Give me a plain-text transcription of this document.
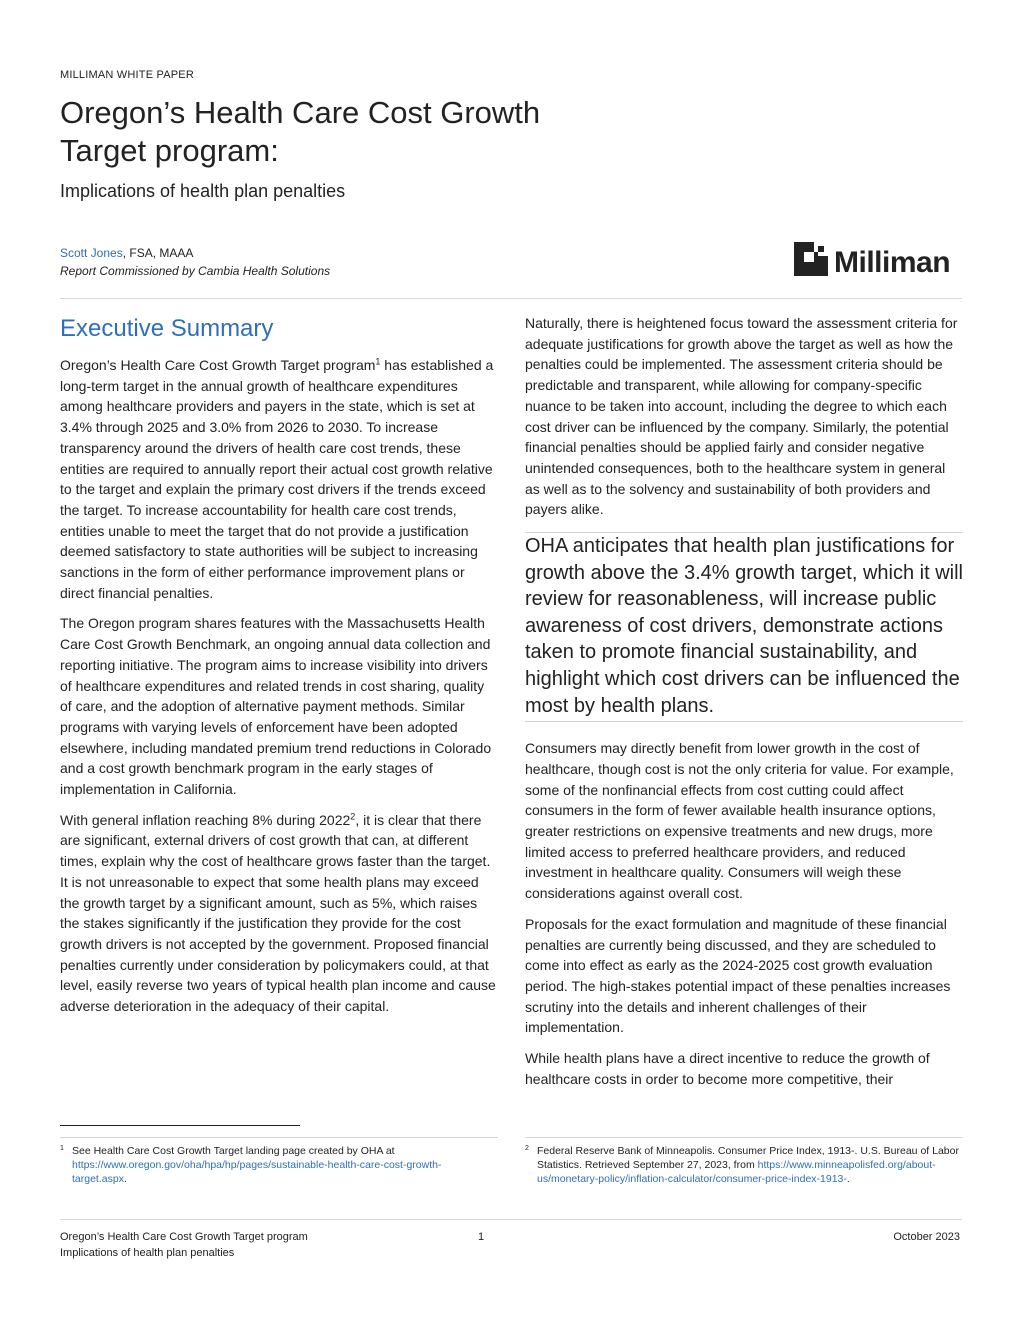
MILLIMAN WHITE PAPER
Oregon’s Health Care Cost Growth Target program:
Implications of health plan penalties
Scott Jones, FSA, MAAA
Report Commissioned by Cambia Health Solutions	Milliman
Executive Summary

Oregon’s Health Care Cost Growth Target program$^1$ has established a long-term target in the annual growth of healthcare expenditures among healthcare providers and payers in the state, which is set at 3.4% through 2025 and 3.0% from 2026 to 2030. To increase transparency around the drivers of health care cost trends, these entities are required to annually report their actual cost growth relative to the target and explain the primary cost drivers if the trends exceed the target. To increase accountability for health care cost trends, entities unable to meet the target that do not provide a justification deemed satisfactory to state authorities will be subject to increasing sanctions in the form of either performance improvement plans or direct financial penalties.

The Oregon program shares features with the Massachusetts Health Care Cost Growth Benchmark, an ongoing annual data collection and reporting initiative. The program aims to increase visibility into drivers of healthcare expenditures and related trends in cost sharing, quality of care, and the adoption of alternative payment methods. Similar programs with varying levels of enforcement have been adopted elsewhere, including mandated premium trend reductions in Colorado and a cost growth benchmark program in the early stages of implementation in California.

With general inflation reaching 8% during 2022$^2$, it is clear that there are significant, external drivers of cost growth that can, at different times, explain why the cost of healthcare grows faster than the target. It is not unreasonable to expect that some health plans may exceed the growth target by a significant amount, such as 5%, which raises the stakes significantly if the justification they provide for the cost growth drivers is not accepted by the government. Proposed financial penalties currently under consideration by policymakers could, at that level, easily reverse two years of typical health plan income and cause adverse deterioration in the adequacy of their capital.

Naturally, there is heightened focus toward the assessment criteria for adequate justifications for growth above the target as well as how the penalties could be implemented. The assessment criteria should be predictable and transparent, while allowing for company-specific nuance to be taken into account, including the degree to which each cost driver can be influenced by the company. Similarly, the potential financial penalties should be applied fairly and consider negative unintended consequences, both to the healthcare system in general as well as to the solvency and sustainability of both providers and payers alike.

OHA anticipates that health plan justifications for growth above the 3.4% growth target, which it will review for reasonableness, will increase public awareness of cost drivers, demonstrate actions taken to promote financial sustainability, and highlight which cost drivers can be influenced the most by health plans.

Consumers may directly benefit from lower growth in the cost of healthcare, though cost is not the only criteria for value. For example, some of the nonfinancial effects from cost cutting could affect consumers in the form of fewer available health insurance options, greater restrictions on expensive treatments and new drugs, more limited access to preferred healthcare providers, and reduced investment in healthcare quality. Consumers will weigh these considerations against overall cost.

Proposals for the exact formulation and magnitude of these financial penalties are currently being discussed, and they are scheduled to come into effect as early as the 2024-2025 cost growth evaluation period. The high-stakes potential impact of these penalties increases scrutiny into the details and inherent challenges of their implementation.

While health plans have a direct incentive to reduce the growth of healthcare costs in order to become more competitive, their

1 See Health Care Cost Growth Target landing page created by OHA at
https://www.oregon.gov/oha/hpa/hp/pages/sustainable-health-care-cost-growth-target.aspx.
2 Federal Reserve Bank of Minneapolis. Consumer Price Index, 1913-. U.S. Bureau of Labor Statistics. Retrieved September 27, 2023, from https://www.minneapolisfed.org/about-us/monetary-policy/inflation-calculator/consumer-price-index-1913-.
Oregon’s Health Care Cost Growth Target program
Implications of health plan penalties
1	October 2023
